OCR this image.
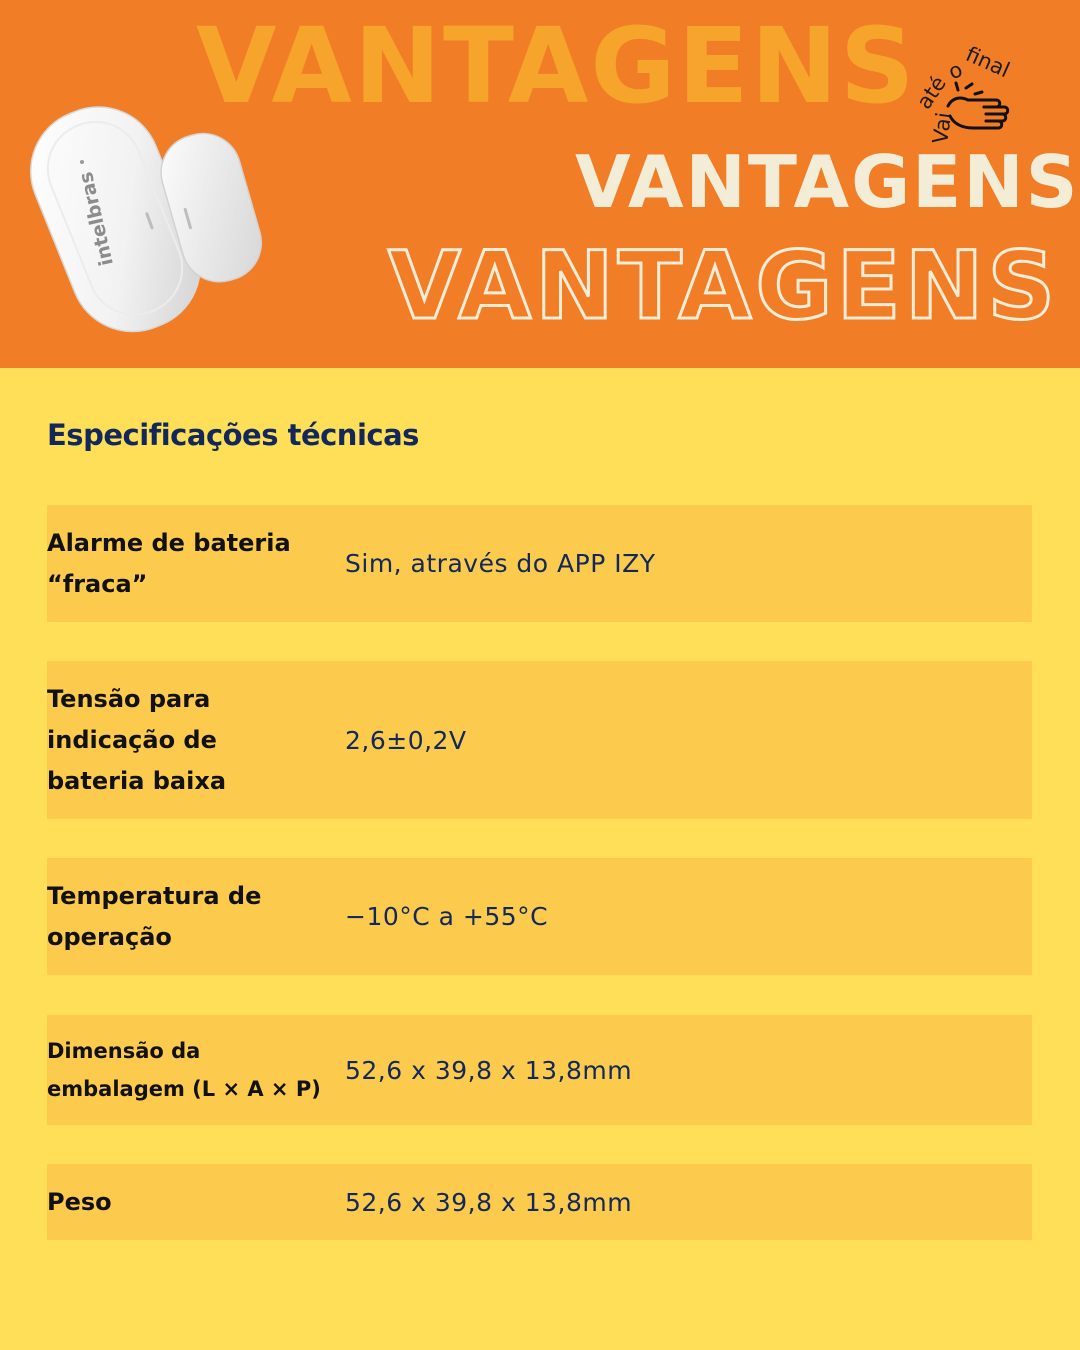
VANTAGENS
VANTAGENS
VANTAGENS
intelbras
Vai
até
o
final
Especificações técnicas
Alarme de bateria “fraca”
Sim, através do APP IZY
Tensão para indicação de bateria baixa
2,6±0,2V
Temperatura de operação
−10°C a +55°C
Dimensão da embalagem (L × A × P)
52,6 x 39,8 x 13,8mm
Peso	52,6 x 39,8 x 13,8mm
